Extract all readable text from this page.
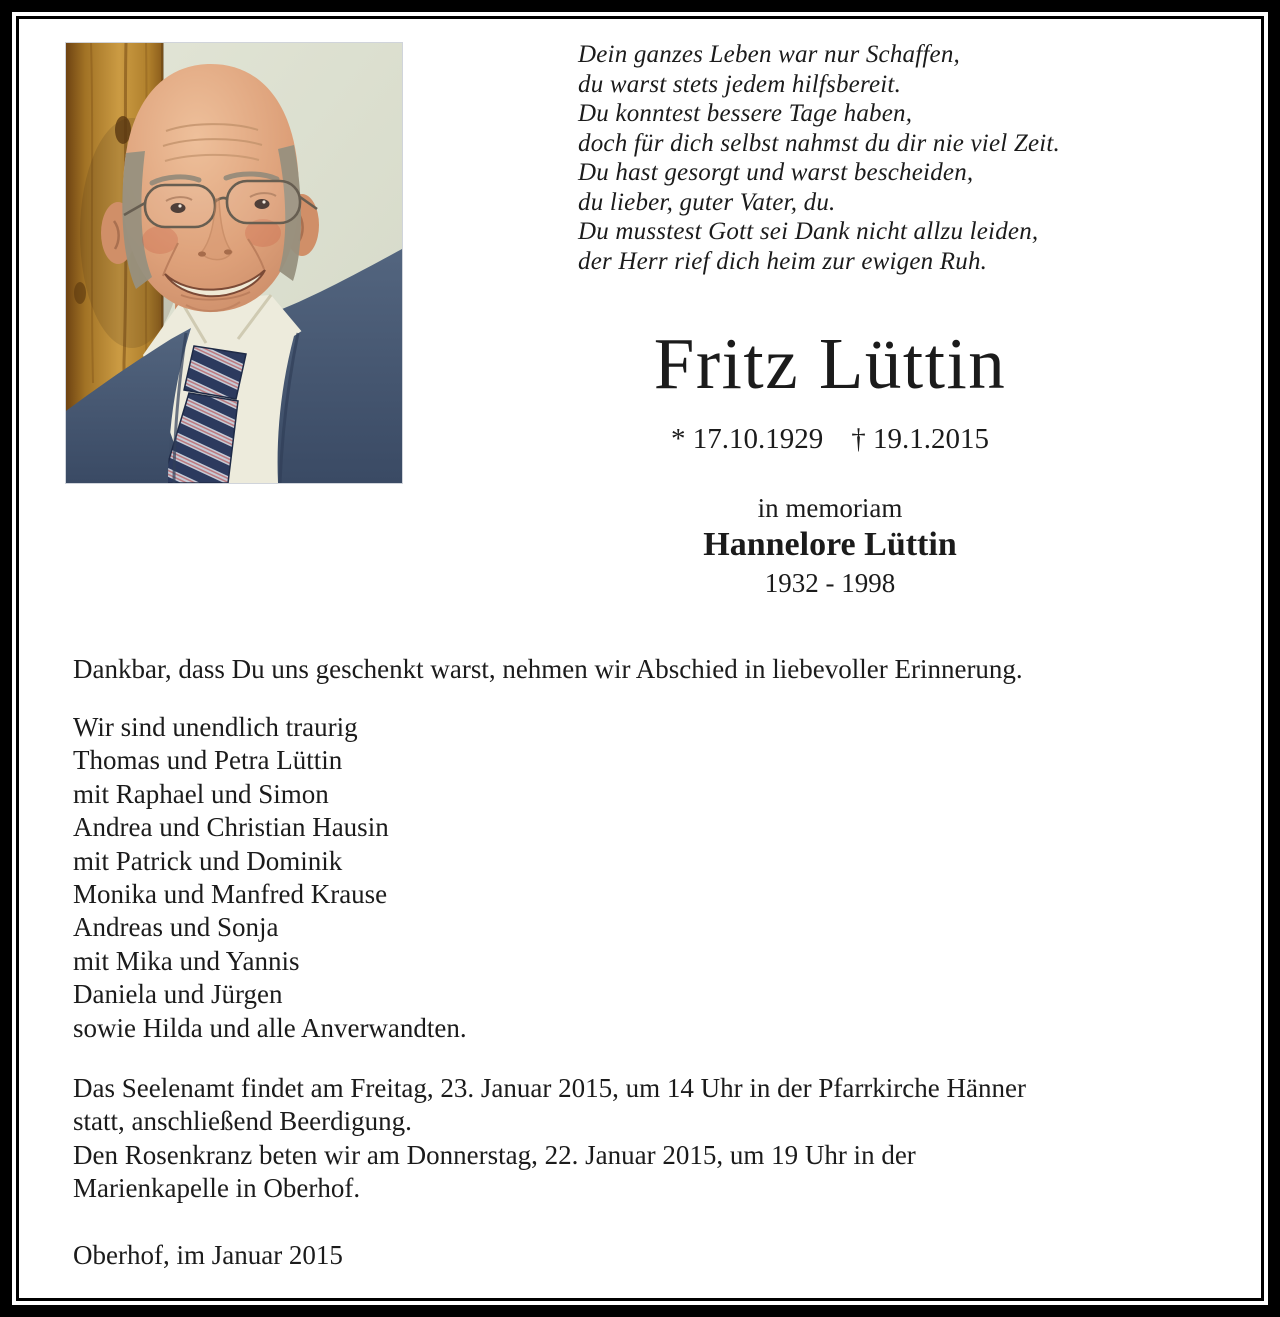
Dein ganzes Leben war nur Schaffen,
du warst stets jedem hilfsbereit.
Du konntest bessere Tage haben,
doch für dich selbst nahmst du dir nie viel Zeit.
Du hast gesorgt und warst bescheiden,
du lieber, guter Vater, du.
Du musstest Gott sei Dank nicht allzu leiden,
der Herr rief dich heim zur ewigen Ruh.
Fritz Lüttin
* 17.10.1929 † 19.1.2015
in memoriam
Hannelore Lüttin
1932 - 1998
Dankbar, dass Du uns geschenkt warst, nehmen wir Abschied in liebevoller Erinnerung.
Wir sind unendlich traurig
Thomas und Petra Lüttin
mit Raphael und Simon
Andrea und Christian Hausin
mit Patrick und Dominik
Monika und Manfred Krause
Andreas und Sonja
mit Mika und Yannis
Daniela und Jürgen
sowie Hilda und alle Anverwandten.
Das Seelenamt findet am Freitag, 23. Januar 2015, um 14 Uhr in der Pfarrkirche Hänner
statt, anschließend Beerdigung.
Den Rosenkranz beten wir am Donnerstag, 22. Januar 2015, um 19 Uhr in der
Marienkapelle in Oberhof.
Oberhof, im Januar 2015
